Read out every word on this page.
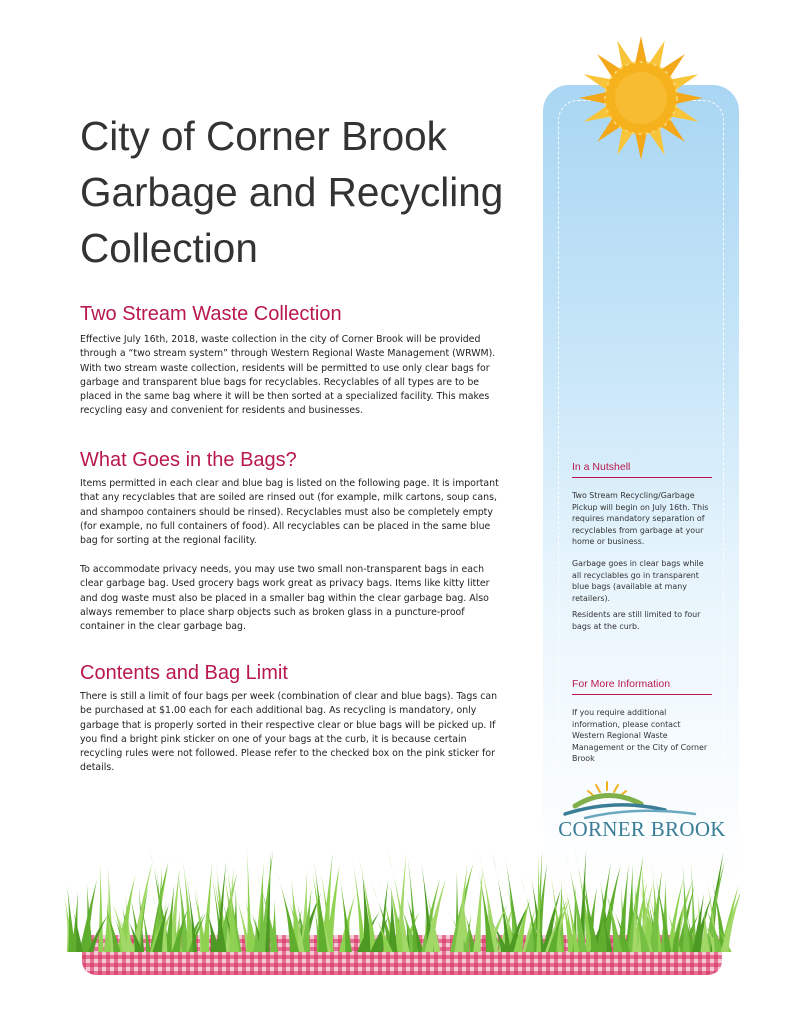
City of Corner Brook
Garbage and Recycling
Collection
Two Stream Waste Collection

Effective July 16th, 2018, waste collection in the city of Corner Brook will be provided through a “two stream system” through Western Regional Waste Management (WRWM). With two stream waste collection, residents will be permitted to use only clear bags for garbage and transparent blue bags for recyclables. Recyclables of all types are to be placed in the same bag where it will be then sorted at a specialized facility. This makes recycling easy and convenient for residents and businesses.

What Goes in the Bags?

Items permitted in each clear and blue bag is listed on the following page. It is important that any recyclables that are soiled are rinsed out (for example, milk cartons, soup cans, and shampoo containers should be rinsed). Recyclables must also be completely empty (for example, no full containers of food). All recyclables can be placed in the same blue bag for sorting at the regional facility.

To accommodate privacy needs, you may use two small non-transparent bags in each clear garbage bag. Used grocery bags work great as privacy bags. Items like kitty litter and dog waste must also be placed in a smaller bag within the clear garbage bag. Also always remember to place sharp objects such as broken glass in a puncture-proof container in the clear garbage bag.

Contents and Bag Limit

There is still a limit of four bags per week (combination of clear and blue bags). Tags can be purchased at $1.00 each for each additional bag. As recycling is mandatory, only garbage that is properly sorted in their respective clear or blue bags will be picked up. If you find a bright pink sticker on one of your bags at the curb, it is because certain recycling rules were not followed. Please refer to the checked box on the pink sticker for details.

In a Nutshell

Two Stream Recycling/Garbage Pickup will begin on July 16th. This requires mandatory separation of recyclables from garbage at your home or business.

Garbage goes in clear bags while all recyclables go in transparent blue bags (available at many retailers).

Residents are still limited to four bags at the curb.

For More Information

If you require additional information, please contact Western Regional Waste Management or the City of Corner Brook

CORNER BROOK
